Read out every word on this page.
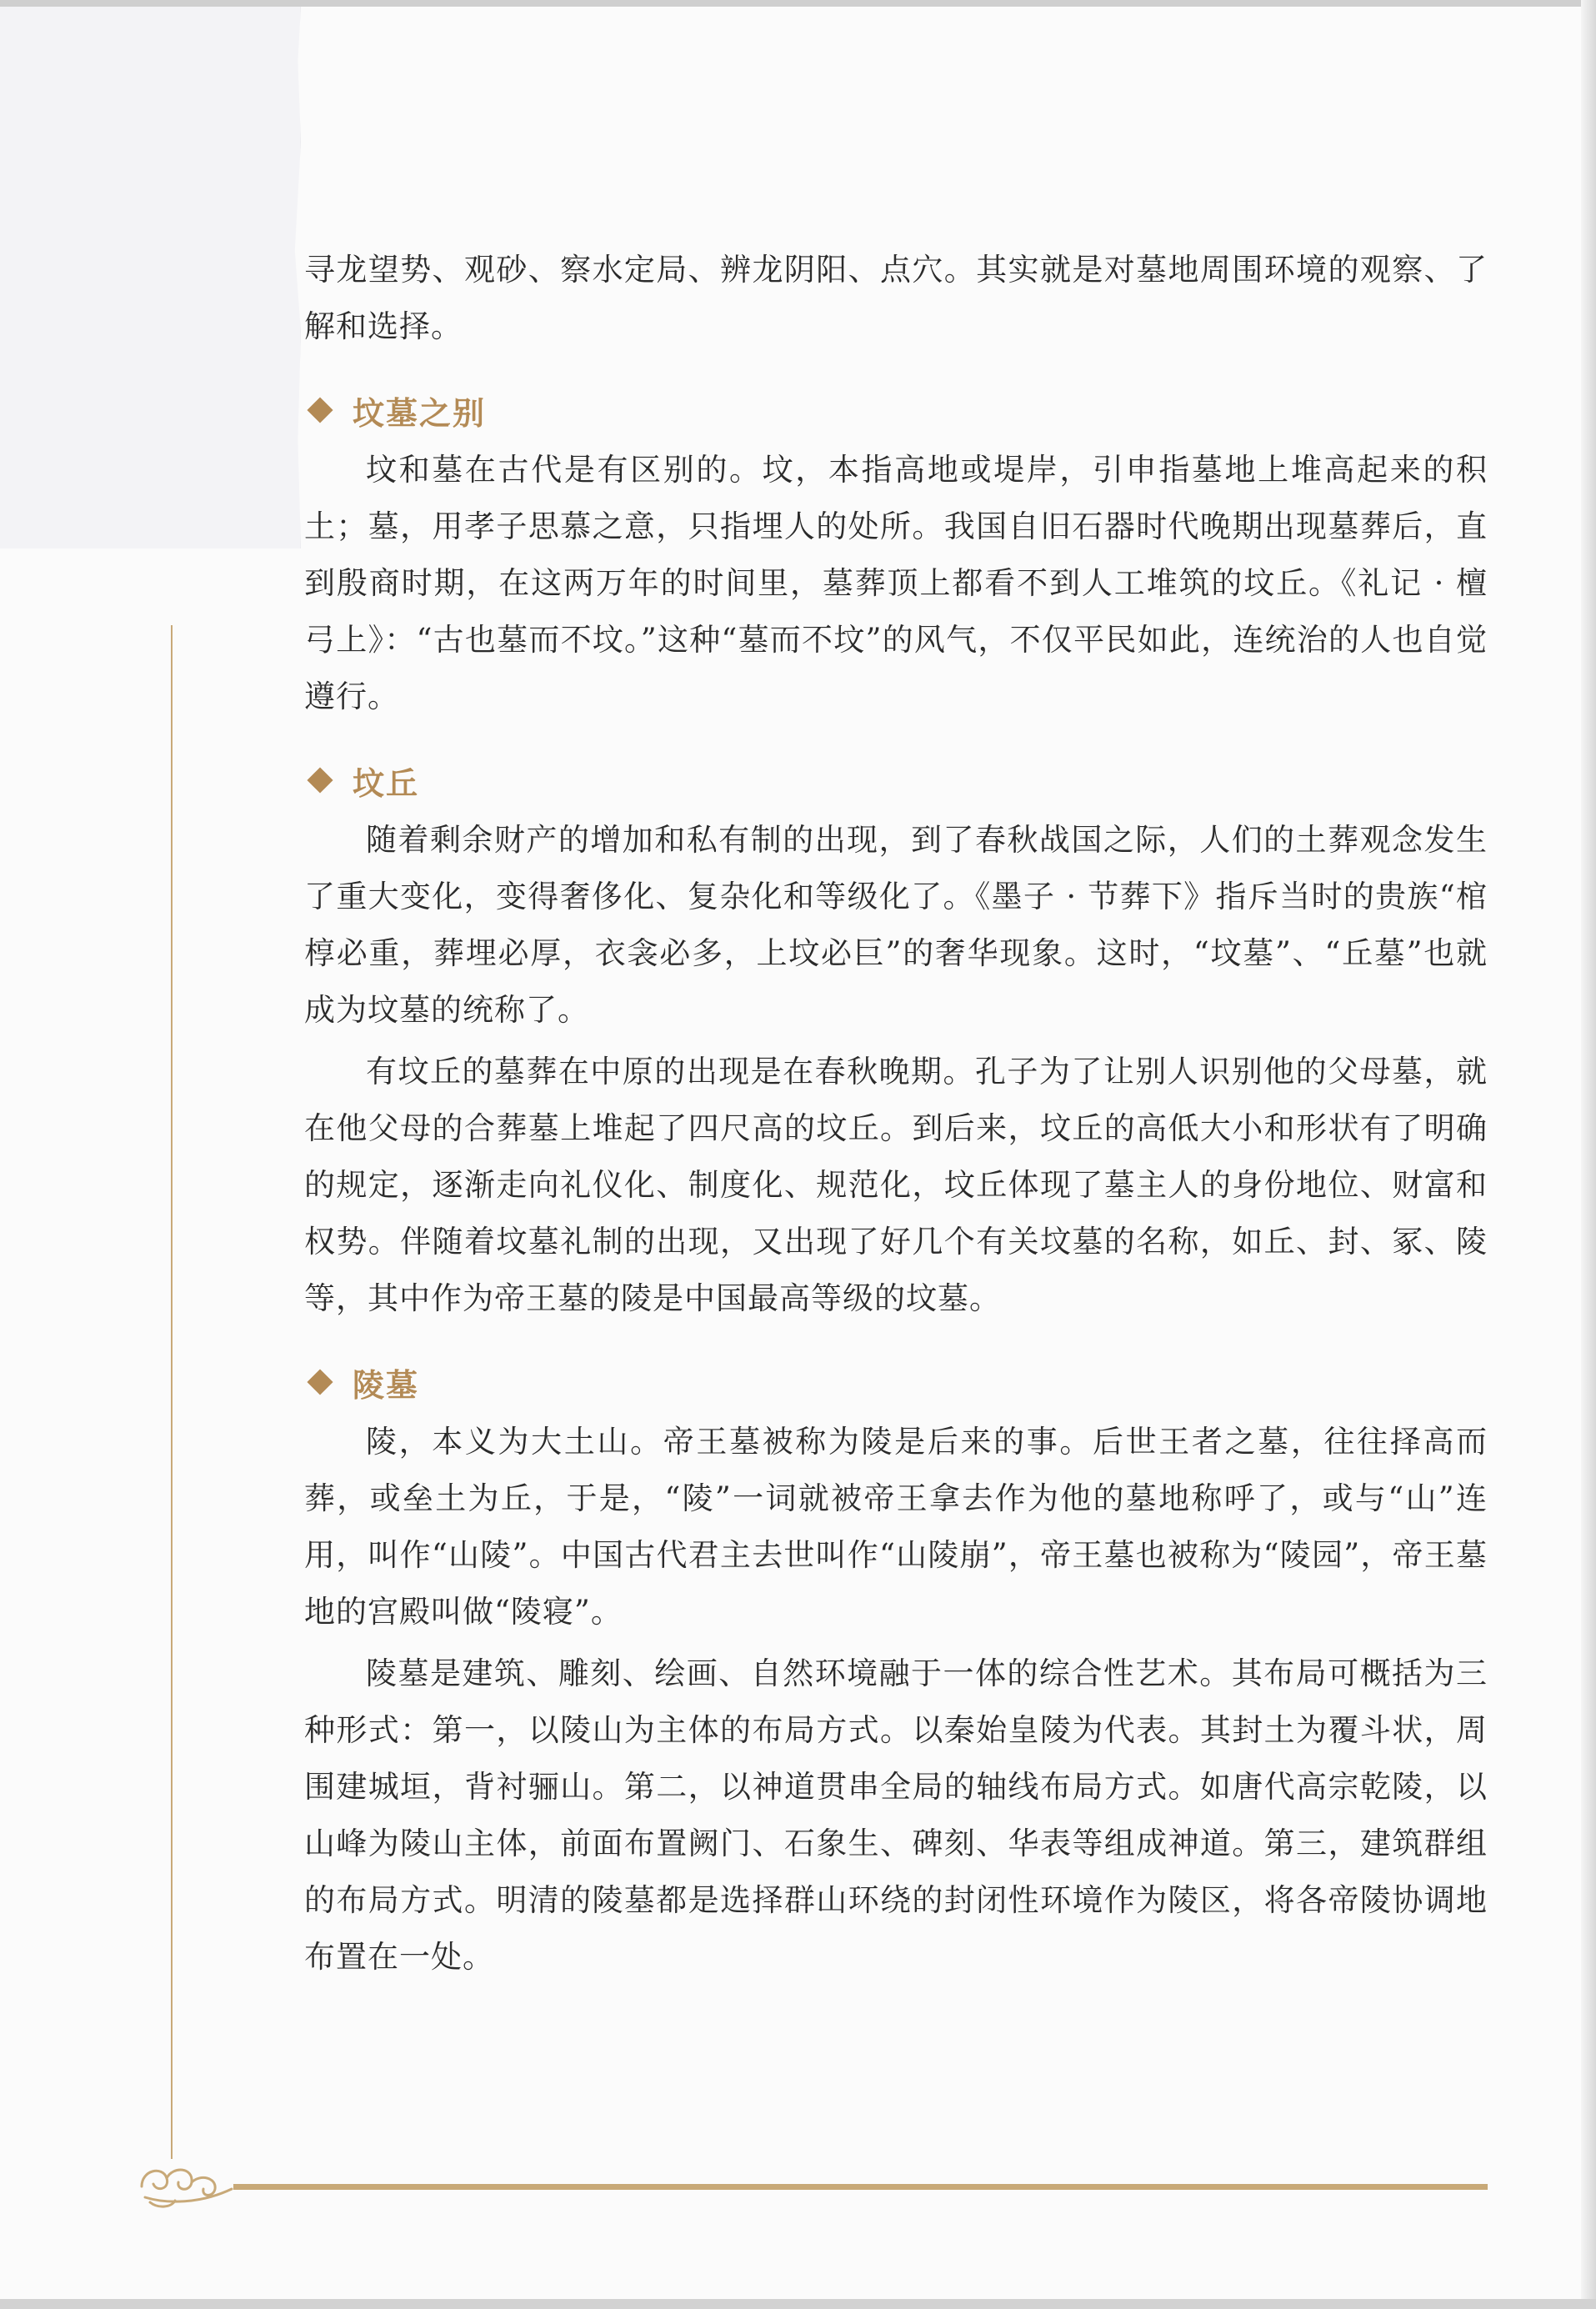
寻龙望势、观砂、察水定局、辨龙阴阳、点穴。其实就是对墓地周围环境的观察、了解和选择。

坟墓之别

坟和墓在古代是有区别的。坟，本指高地或堤岸，引申指墓地上堆高起来的积土；墓，用孝子思慕之意，只指埋人的处所。我国自旧石器时代晚期出现墓葬后，直到殷商时期，在这两万年的时间里，墓葬顶上都看不到人工堆筑的坟丘。《礼记 · 檀弓上》：“古也墓而不坟。”这种“墓而不坟”的风气，不仅平民如此，连统治的人也自觉遵行。

坟丘

随着剩余财产的增加和私有制的出现，到了春秋战国之际，人们的土葬观念发生了重大变化，变得奢侈化、复杂化和等级化了。《墨子 · 节葬下》指斥当时的贵族“棺椁必重，葬埋必厚，衣衾必多，上坟必巨”的奢华现象。这时，“坟墓”、“丘墓”也就成为坟墓的统称了。

有坟丘的墓葬在中原的出现是在春秋晚期。孔子为了让别人识别他的父母墓，就在他父母的合葬墓上堆起了四尺高的坟丘。到后来，坟丘的高低大小和形状有了明确的规定，逐渐走向礼仪化、制度化、规范化，坟丘体现了墓主人的身份地位、财富和权势。伴随着坟墓礼制的出现，又出现了好几个有关坟墓的名称，如丘、封、冢、陵等，其中作为帝王墓的陵是中国最高等级的坟墓。

陵墓

陵，本义为大土山。帝王墓被称为陵是后来的事。后世王者之墓，往往择高而葬，或垒土为丘，于是，“陵”一词就被帝王拿去作为他的墓地称呼了，或与“山”连用，叫作“山陵”。中国古代君主去世叫作“山陵崩”，帝王墓也被称为“陵园”，帝王墓地的宫殿叫做“陵寝”。

陵墓是建筑、雕刻、绘画、自然环境融于一体的综合性艺术。其布局可概括为三种形式：第一，以陵山为主体的布局方式。以秦始皇陵为代表。其封土为覆斗状，周围建城垣，背衬骊山。第二，以神道贯串全局的轴线布局方式。如唐代高宗乾陵，以山峰为陵山主体，前面布置阙门、石象生、碑刻、华表等组成神道。第三，建筑群组的布局方式。明清的陵墓都是选择群山环绕的封闭性环境作为陵区，将各帝陵协调地布置在一处。
